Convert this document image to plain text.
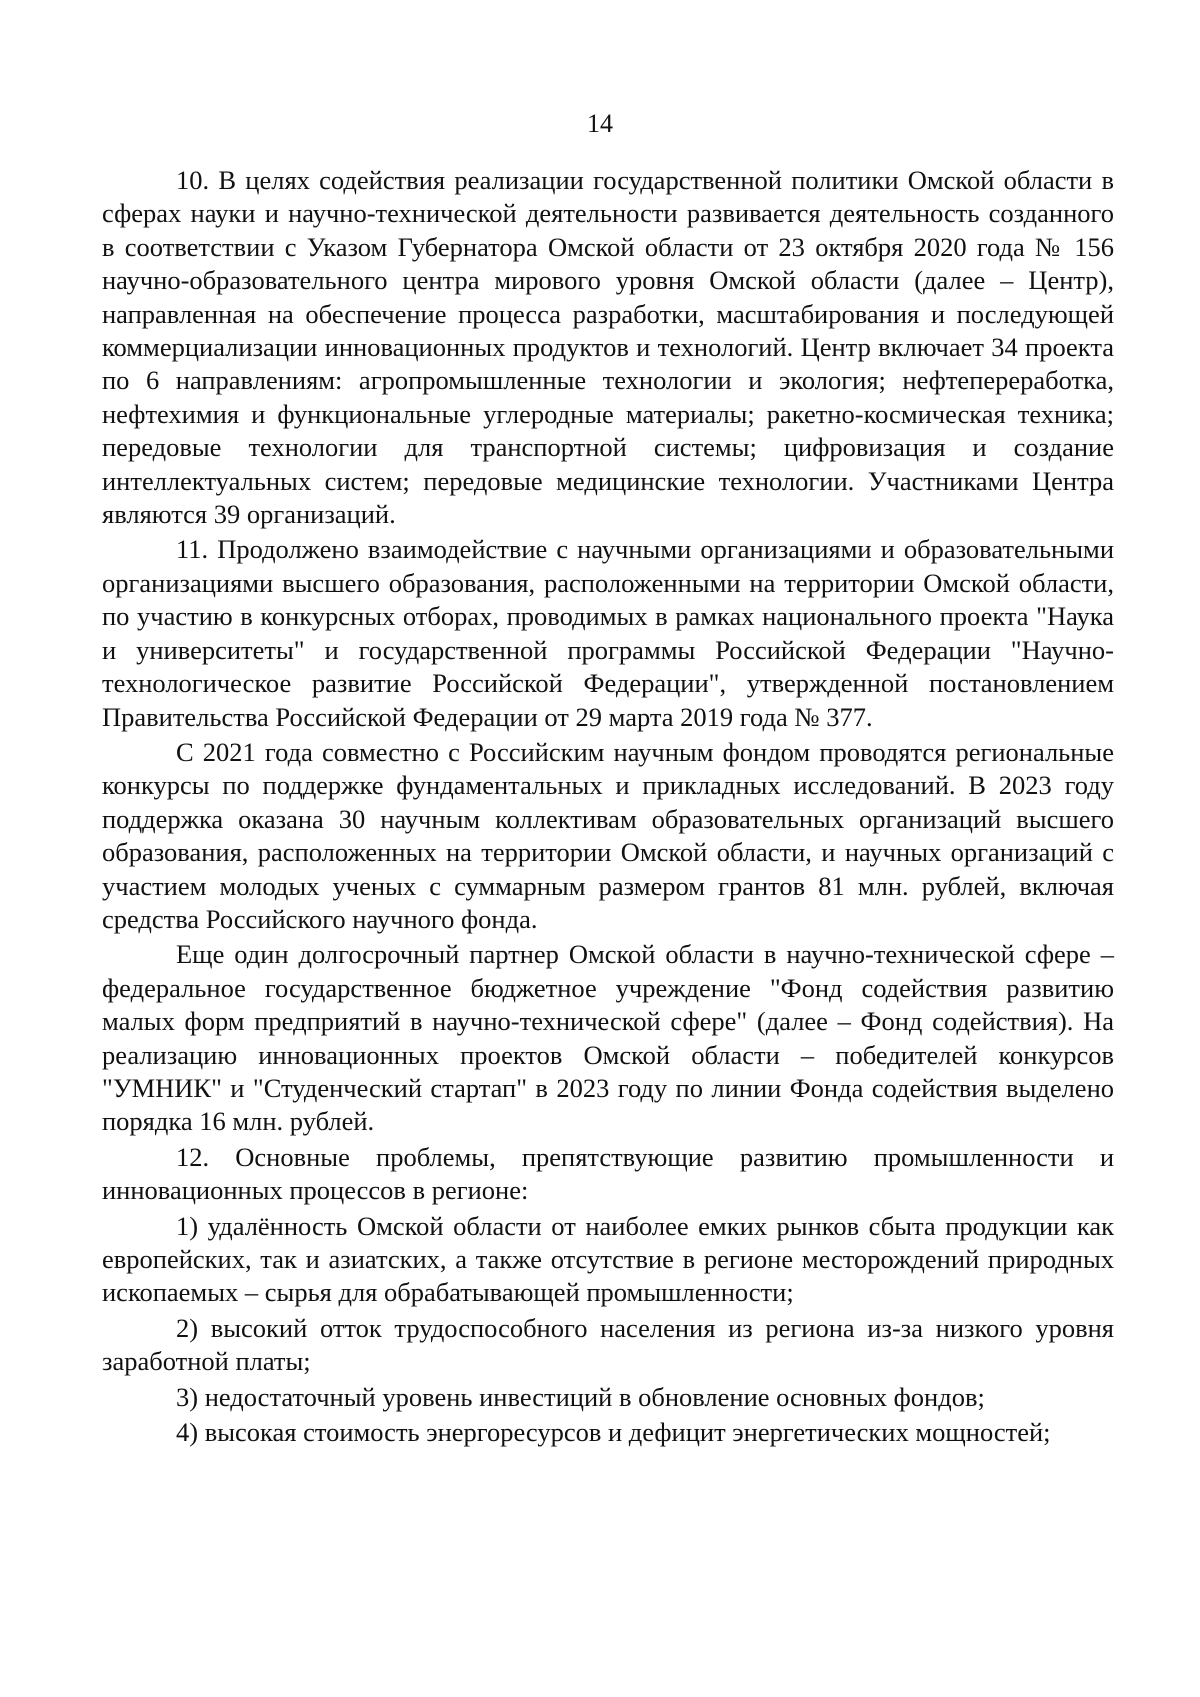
14

10. В целях содействия реализации государственной политики Омской области в сферах науки и научно-технической деятельности развивается деятельность созданного в соответствии с Указом Губернатора Омской области от 23 октября 2020 года № 156 научно-образовательного центра мирового уровня Омской области (далее – Центр), направленная на обеспечение процесса разработки, масштабирования и последующей коммерциализации инновационных продуктов и технологий. Центр включает 34 проекта по 6 направлениям: агропромышленные технологии и экология; нефтепереработка, нефтехимия и функциональные углеродные материалы; ракетно-космическая техника; передовые технологии для транспортной системы; цифровизация и создание интеллектуальных систем; передовые медицинские технологии. Участниками Центра являются 39 организаций.

11. Продолжено взаимодействие с научными организациями и образовательными организациями высшего образования, расположенными на территории Омской области, по участию в конкурсных отборах, проводимых в рамках национального проекта "Наука и университеты" и государственной программы Российской Федерации "Научно-технологическое развитие Российской Федерации", утвержденной постановлением Правительства Российской Федерации от 29 марта 2019 года № 377.

С 2021 года совместно с Российским научным фондом проводятся региональные конкурсы по поддержке фундаментальных и прикладных исследований. В 2023 году поддержка оказана 30 научным коллективам образовательных организаций высшего образования, расположенных на территории Омской области, и научных организаций с участием молодых ученых с суммарным размером грантов 81 млн. рублей, включая средства Российского научного фонда.

Еще один долгосрочный партнер Омской области в научно-технической сфере – федеральное государственное бюджетное учреждение "Фонд содействия развитию малых форм предприятий в научно-технической сфере" (далее – Фонд содействия). На реализацию инновационных проектов Омской области – победителей конкурсов "УМНИК" и "Студенческий стартап" в 2023 году по линии Фонда содействия выделено порядка 16 млн. рублей.

12. Основные проблемы, препятствующие развитию промышленности и инновационных процессов в регионе:

1) удалённость Омской области от наиболее емких рынков сбыта продукции как европейских, так и азиатских, а также отсутствие в регионе месторождений природных ископаемых – сырья для обрабатывающей промышленности;

2) высокий отток трудоспособного населения из региона из-за низкого уровня заработной платы;

3) недостаточный уровень инвестиций в обновление основных фондов;

4) высокая стоимость энергоресурсов и дефицит энергетических мощностей;
